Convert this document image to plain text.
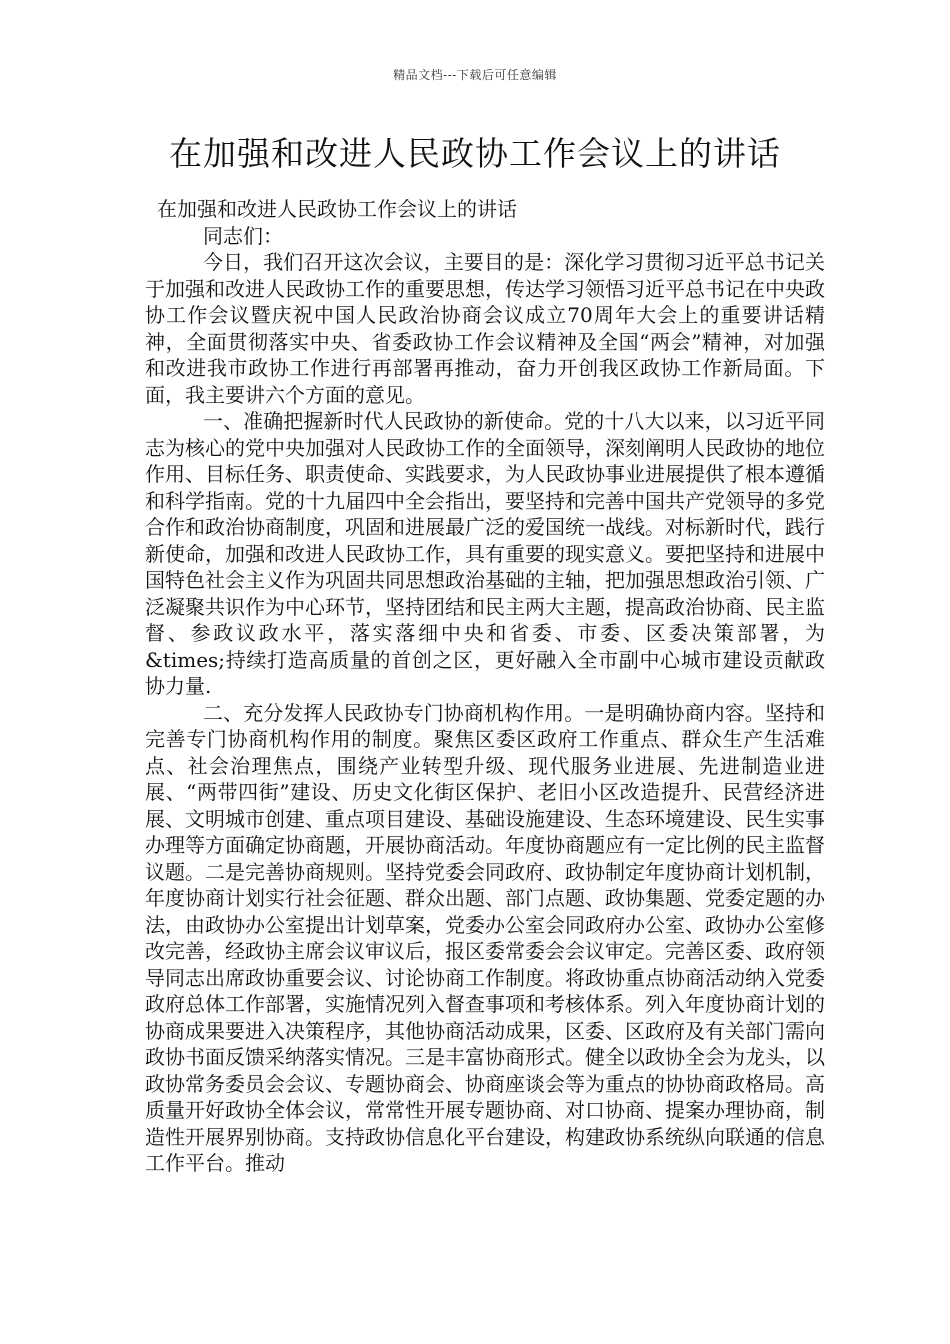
精品文档---下载后可任意编辑
在加强和改进人民政协工作会议上的讲话

在加强和改进人民政协工作会议上的讲话

同志们：

今日，我们召开这次会议，主要目的是：深化学习贯彻习近平总书记关于加强和改进人民政协工作的重要思想，传达学习领悟习近平总书记在中央政协工作会议暨庆祝中国人民政治协商会议成立70周年大会上的重要讲话精神，全面贯彻落实中央、省委政协工作会议精神及全国“两会”精神，对加强和改进我市政协工作进行再部署再推动，奋力开创我区政协工作新局面。下面，我主要讲六个方面的意见。

一、准确把握新时代人民政协的新使命。党的十八大以来，以习近平同志为核心的党中央加强对人民政协工作的全面领导，深刻阐明人民政协的地位作用、目标任务、职责使命、实践要求，为人民政协事业进展提供了根本遵循和科学指南。党的十九届四中全会指出，要坚持和完善中国共产党领导的多党合作和政治协商制度，巩固和进展最广泛的爱国统一战线。对标新时代，践行新使命，加强和改进人民政协工作，具有重要的现实意义。要把坚持和进展中国特色社会主义作为巩固共同思想政治基础的主轴，把加强思想政治引领、广泛凝聚共识作为中心环节，坚持团结和民主两大主题，提高政治协商、民主监督、参政议政水平，落实落细中央和省委、市委、区委决策部署，为&times;持续打造高质量的首创之区，更好融入全市副中心城市建设贡献政协力量.

二、充分发挥人民政协专门协商机构作用。一是明确协商内容。坚持和完善专门协商机构作用的制度。聚焦区委区政府工作重点、群众生产生活难点、社会治理焦点，围绕产业转型升级、现代服务业进展、先进制造业进展、“两带四街”建设、历史文化街区保护、老旧小区改造提升、民营经济进展、文明城市创建、重点项目建设、基础设施建设、生态环境建设、民生实事办理等方面确定协商题，开展协商活动。年度协商题应有一定比例的民主监督议题。二是完善协商规则。坚持党委会同政府、政协制定年度协商计划机制，年度协商计划实行社会征题、群众出题、部门点题、政协集题、党委定题的办法，由政协办公室提出计划草案，党委办公室会同政府办公室、政协办公室修改完善，经政协主席会议审议后，报区委常委会会议审定。完善区委、政府领导同志出席政协重要会议、讨论协商工作制度。将政协重点协商活动纳入党委政府总体工作部署，实施情况列入督查事项和考核体系。列入年度协商计划的协商成果要进入决策程序，其他协商活动成果，区委、区政府及有关部门需向政协书面反馈采纳落实情况。三是丰富协商形式。健全以政协全会为龙头，以政协常务委员会会议、专题协商会、协商座谈会等为重点的协协商政格局。高质量开好政协全体会议，常常性开展专题协商、对口协商、提案办理协商，制造性开展界别协商。支持政协信息化平台建设，构建政协系统纵向联通的信息工作平台。推动
